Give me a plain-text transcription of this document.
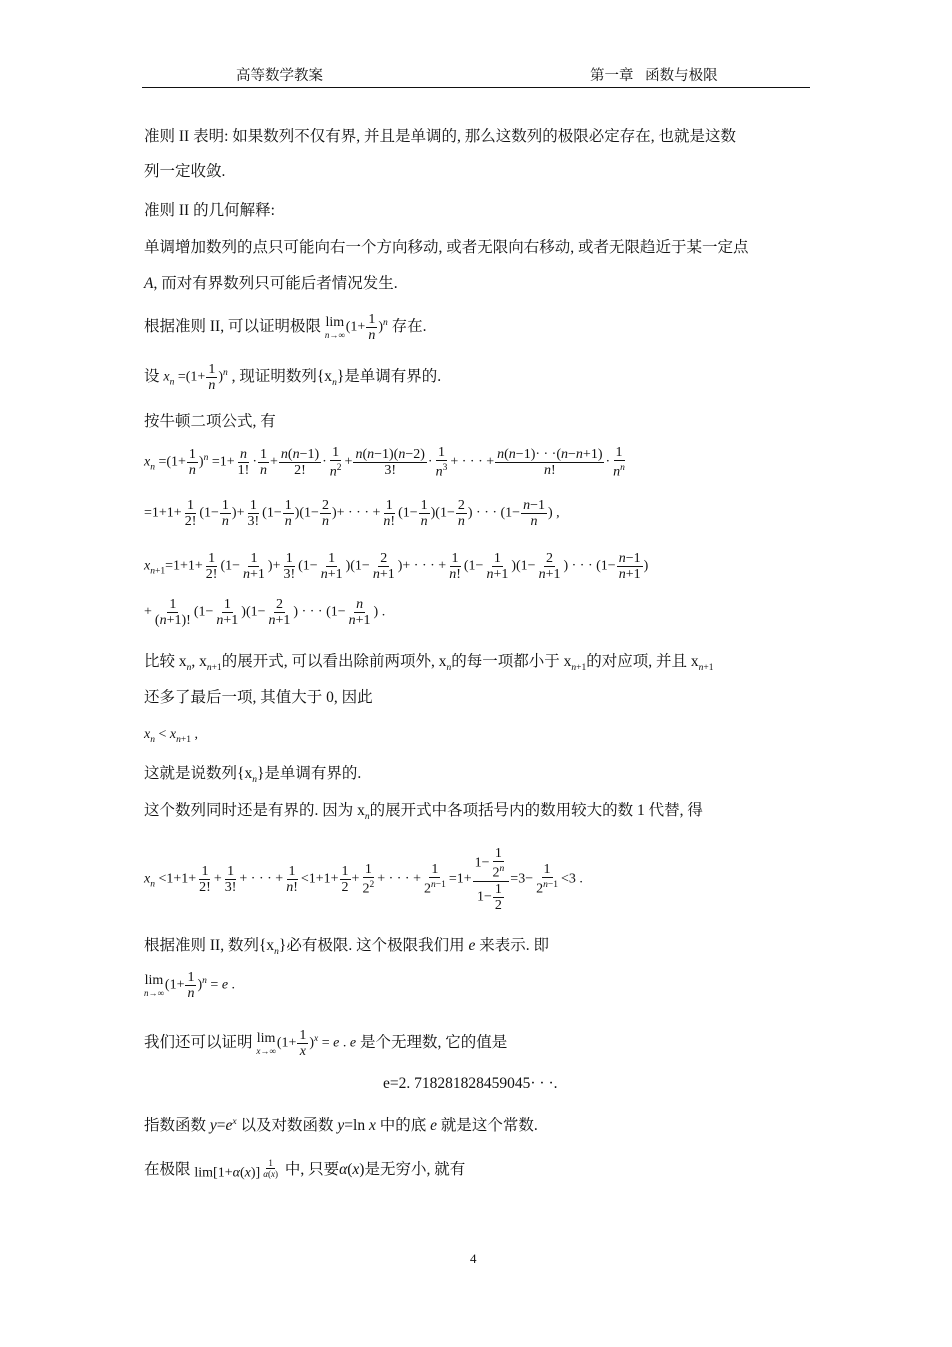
高等数学教案	第一章 函数与极限
准则 II 表明: 如果数列不仅有界, 并且是单调的, 那么这数列的极限必定存在, 也就是这数
列一定收敛.
准则 II 的几何解释:
单调增加数列的点只可能向右一个方向移动, 或者无限向右移动, 或者无限趋近于某一定点
A, 而对有界数列只可能后者情况发生.
根据准则 II, 可以证明极限 lim
n→∞ $(1+ \frac{1}{n} )^n$ 存在.
设 $x_n =(1+ \frac{1}{n} )^n$ , 现证明数列$\{x_n\}$是单调有界的.
按牛顿二项公式, 有
$x_n =(1+ \frac{1}{n} )^n =1+ \frac{n}{1!} \cdot \frac{1}{n} + \frac{n(n-1)}{2!} \cdot \frac{1}{n^2} + \frac{n(n-1)(n-2)}{3!} \cdot \frac{1}{n^3}$ + · · · + $\frac{n(n-1)\cdot \cdot \cdot(n-n+1)}{n!} \cdot \frac{1}{n^n}$
$=1+1+ \frac{1}{2!} (1- \frac{1}{n}$ )+ $\frac{1}{3!} (1- \frac{1}{n} )(1- \frac{2}{n}$ )+ · · · + $\frac{1}{n!} (1- \frac{1}{n} )(1- \frac{2}{n}$ ) · · · ($1- \frac{n-1}{n}$ ) ,
$x_{n+1}=1+1+ \frac{1}{2!} (1- \frac{1}{n+1}$ )+ $\frac{1}{3!} (1- \frac{1}{n+1} )(1- \frac{2}{n+1}$ )+ · · · + $\frac{1}{n!} (1- \frac{1}{n+1} )(1- \frac{2}{n+1}$ ) · · · ($1- \frac{n-1}{n+1}$ )
+ $\frac{1}{(n+1)!} (1- \frac{1}{n+1} )(1- \frac{2}{n+1}$ ) · · · ($1- \frac{n}{n+1}$ ) .
比较 $x_n$, $x_{n+1}$的展开式, 可以看出除前两项外, $x_n$的每一项都小于 $x_{n+1}$的对应项, 并且 $x_{n+1}$
还多了最后一项, 其值大于 0, 因此
$x_n < x_{n+1}$ ,
这就是说数列$\{x_n\}$是单调有界的.
这个数列同时还是有界的. 因为 $x_n$的展开式中各项括号内的数用较大的数 1 代替, 得
$x_n <1+1+ \frac{1}{2!} + \frac{1}{3!}$ + · · · + $\frac{1}{n!} <1+1+ \frac{1}{2} + \frac{1}{2^2}$ + · · · + $\frac{1}{2^{n-1}} =1+ \frac{1- \frac{1}{2^n}}{1- \frac{1}{2}} =3- \frac{1}{2^{n-1}} <3$ .
根据准则 II, 数列$\{x_n\}$必有极限. 这个极限我们用 e 来表示. 即
lim
n→∞ $(1+ \frac{1}{n} )^n = e$ .
我们还可以证明 lim
x→∞ $(1+ \frac{1}{x} )^x = e$ . e 是个无理数, 它的值是
e=2. 718281828459045· · ·.
指数函数 $y=e^x$ 以及对数函数 y=ln x 中的底 e 就是这个常数.
在极限 lim[1+α(x)] $^{\frac{1}{\alpha(x)}}$ 中, 只要α(x)是无穷小, 就有
4
